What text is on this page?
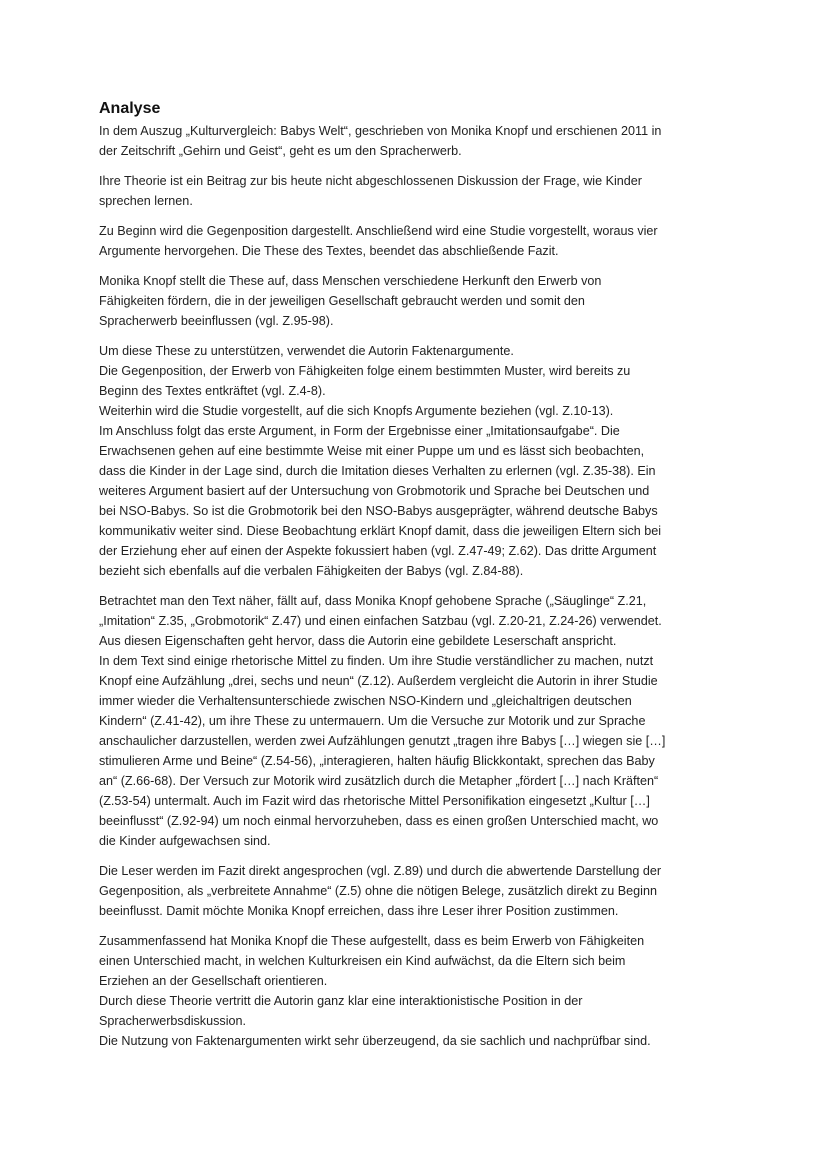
Analyse
In dem Auszug „Kulturvergleich: Babys Welt“, geschrieben von Monika Knopf und erschienen 2011 in
der Zeitschrift „Gehirn und Geist“, geht es um den Spracherwerb.
Ihre Theorie ist ein Beitrag zur bis heute nicht abgeschlossenen Diskussion der Frage, wie Kinder
sprechen lernen.
Zu Beginn wird die Gegenposition dargestellt. Anschließend wird eine Studie vorgestellt, woraus vier
Argumente hervorgehen. Die These des Textes, beendet das abschließende Fazit.
Monika Knopf stellt die These auf, dass Menschen verschiedene Herkunft den Erwerb von
Fähigkeiten fördern, die in der jeweiligen Gesellschaft gebraucht werden und somit den
Spracherwerb beeinflussen (vgl. Z.95-98).
Um diese These zu unterstützen, verwendet die Autorin Faktenargumente.
Die Gegenposition, der Erwerb von Fähigkeiten folge einem bestimmten Muster, wird bereits zu
Beginn des Textes entkräftet (vgl. Z.4-8).
Weiterhin wird die Studie vorgestellt, auf die sich Knopfs Argumente beziehen (vgl. Z.10-13).
Im Anschluss folgt das erste Argument, in Form der Ergebnisse einer „Imitationsaufgabe“. Die
Erwachsenen gehen auf eine bestimmte Weise mit einer Puppe um und es lässt sich beobachten,
dass die Kinder in der Lage sind, durch die Imitation dieses Verhalten zu erlernen (vgl. Z.35-38). Ein
weiteres Argument basiert auf der Untersuchung von Grobmotorik und Sprache bei Deutschen und
bei NSO-Babys. So ist die Grobmotorik bei den NSO-Babys ausgeprägter, während deutsche Babys
kommunikativ weiter sind. Diese Beobachtung erklärt Knopf damit, dass die jeweiligen Eltern sich bei
der Erziehung eher auf einen der Aspekte fokussiert haben (vgl. Z.47-49; Z.62). Das dritte Argument
bezieht sich ebenfalls auf die verbalen Fähigkeiten der Babys (vgl. Z.84-88).
Betrachtet man den Text näher, fällt auf, dass Monika Knopf gehobene Sprache („Säuglinge“ Z.21,
„Imitation“ Z.35, „Grobmotorik“ Z.47) und einen einfachen Satzbau (vgl. Z.20-21, Z.24-26) verwendet.
Aus diesen Eigenschaften geht hervor, dass die Autorin eine gebildete Leserschaft anspricht.
In dem Text sind einige rhetorische Mittel zu finden. Um ihre Studie verständlicher zu machen, nutzt
Knopf eine Aufzählung „drei, sechs und neun“ (Z.12). Außerdem vergleicht die Autorin in ihrer Studie
immer wieder die Verhaltensunterschiede zwischen NSO-Kindern und „gleichaltrigen deutschen
Kindern“ (Z.41-42), um ihre These zu untermauern. Um die Versuche zur Motorik und zur Sprache
anschaulicher darzustellen, werden zwei Aufzählungen genutzt „tragen ihre Babys […] wiegen sie […]
stimulieren Arme und Beine“ (Z.54-56), „interagieren, halten häufig Blickkontakt, sprechen das Baby
an“ (Z.66-68). Der Versuch zur Motorik wird zusätzlich durch die Metapher „fördert […] nach Kräften“
(Z.53-54) untermalt. Auch im Fazit wird das rhetorische Mittel Personifikation eingesetzt „Kultur […]
beeinflusst“ (Z.92-94) um noch einmal hervorzuheben, dass es einen großen Unterschied macht, wo
die Kinder aufgewachsen sind.
Die Leser werden im Fazit direkt angesprochen (vgl. Z.89) und durch die abwertende Darstellung der
Gegenposition, als „verbreitete Annahme“ (Z.5) ohne die nötigen Belege, zusätzlich direkt zu Beginn
beeinflusst. Damit möchte Monika Knopf erreichen, dass ihre Leser ihrer Position zustimmen.
Zusammenfassend hat Monika Knopf die These aufgestellt, dass es beim Erwerb von Fähigkeiten
einen Unterschied macht, in welchen Kulturkreisen ein Kind aufwächst, da die Eltern sich beim
Erziehen an der Gesellschaft orientieren.
Durch diese Theorie vertritt die Autorin ganz klar eine interaktionistische Position in der
Spracherwerbsdiskussion.
Die Nutzung von Faktenargumenten wirkt sehr überzeugend, da sie sachlich und nachprüfbar sind.
